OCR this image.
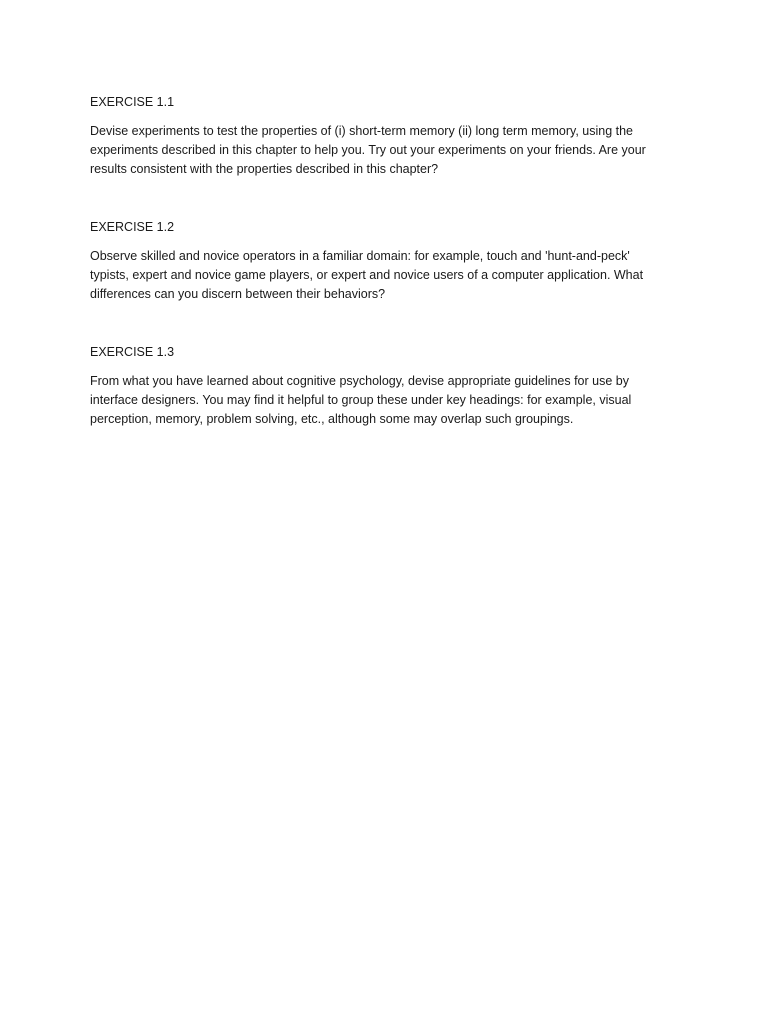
EXERCISE 1.1

Devise experiments to test the properties of (i) short-term memory (ii) long term memory, using the experiments described in this chapter to help you. Try out your experiments on your friends. Are your results consistent with the properties described in this chapter?

EXERCISE 1.2

Observe skilled and novice operators in a familiar domain: for example, touch and 'hunt-and-peck' typists, expert and novice game players, or expert and novice users of a computer application. What differences can you discern between their behaviors?

EXERCISE 1.3

From what you have learned about cognitive psychology, devise appropriate guidelines for use by interface designers. You may find it helpful to group these under key headings: for example, visual perception, memory, problem solving, etc., although some may overlap such groupings.
